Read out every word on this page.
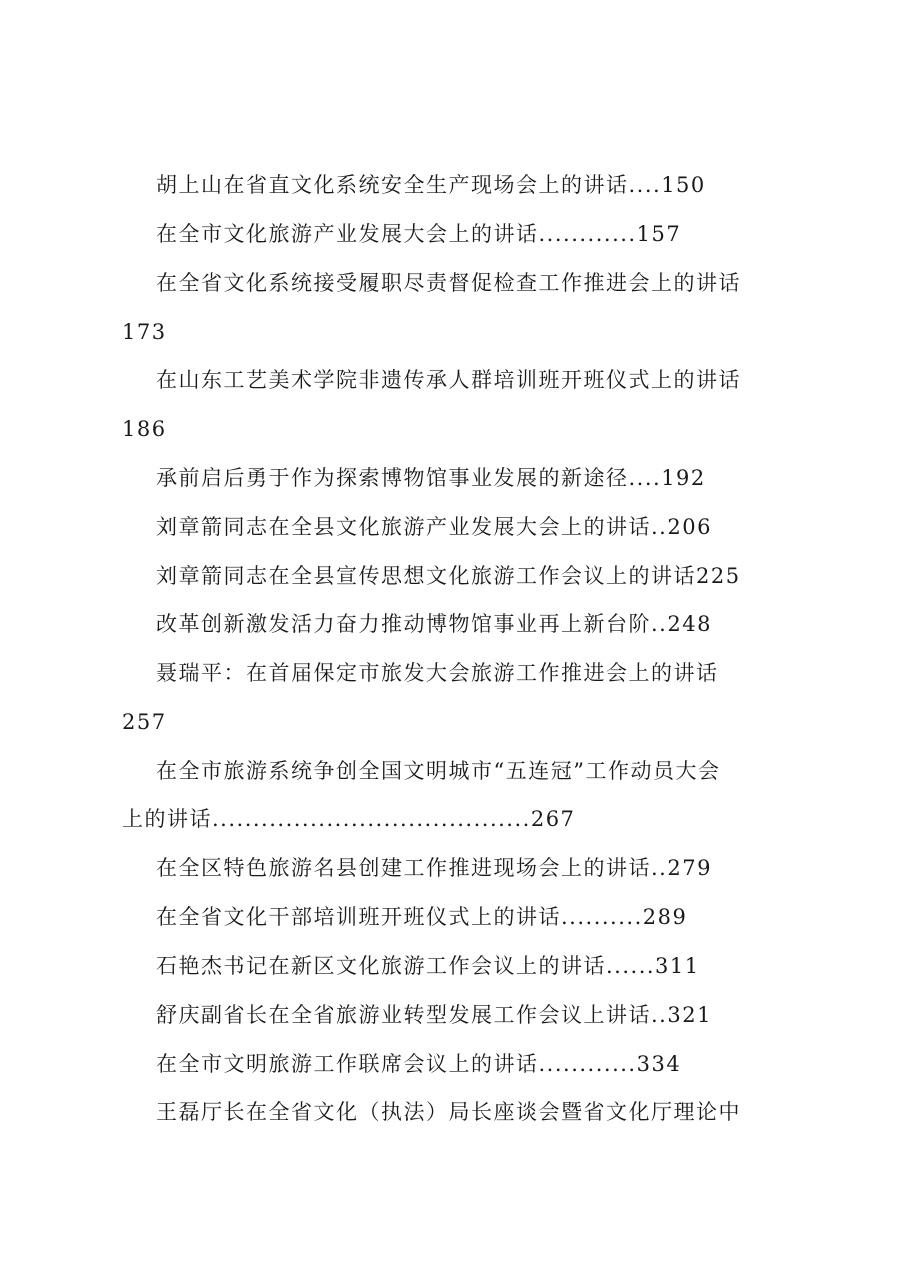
胡上山在省直文化系统安全生产现场会上的讲话....150
在全市文化旅游产业发展大会上的讲话............157
在全省文化系统接受履职尽责督促检查工作推进会上的讲话
173
在山东工艺美术学院非遗传承人群培训班开班仪式上的讲话
186
承前启后勇于作为探索博物馆事业发展的新途径....192
刘章箭同志在全县文化旅游产业发展大会上的讲话..206
刘章箭同志在全县宣传思想文化旅游工作会议上的讲话225
改革创新激发活力奋力推动博物馆事业再上新台阶..248
聂瑞平：在首届保定市旅发大会旅游工作推进会上的讲话
257
在全市旅游系统争创全国文明城市“五连冠”工作动员大会
上的讲话.......................................267
在全区特色旅游名县创建工作推进现场会上的讲话..279
在全省文化干部培训班开班仪式上的讲话..........289
石艳杰书记在新区文化旅游工作会议上的讲话......311
舒庆副省长在全省旅游业转型发展工作会议上讲话..321
在全市文明旅游工作联席会议上的讲话............334
王磊厅长在全省文化（执法）局长座谈会暨省文化厅理论中
